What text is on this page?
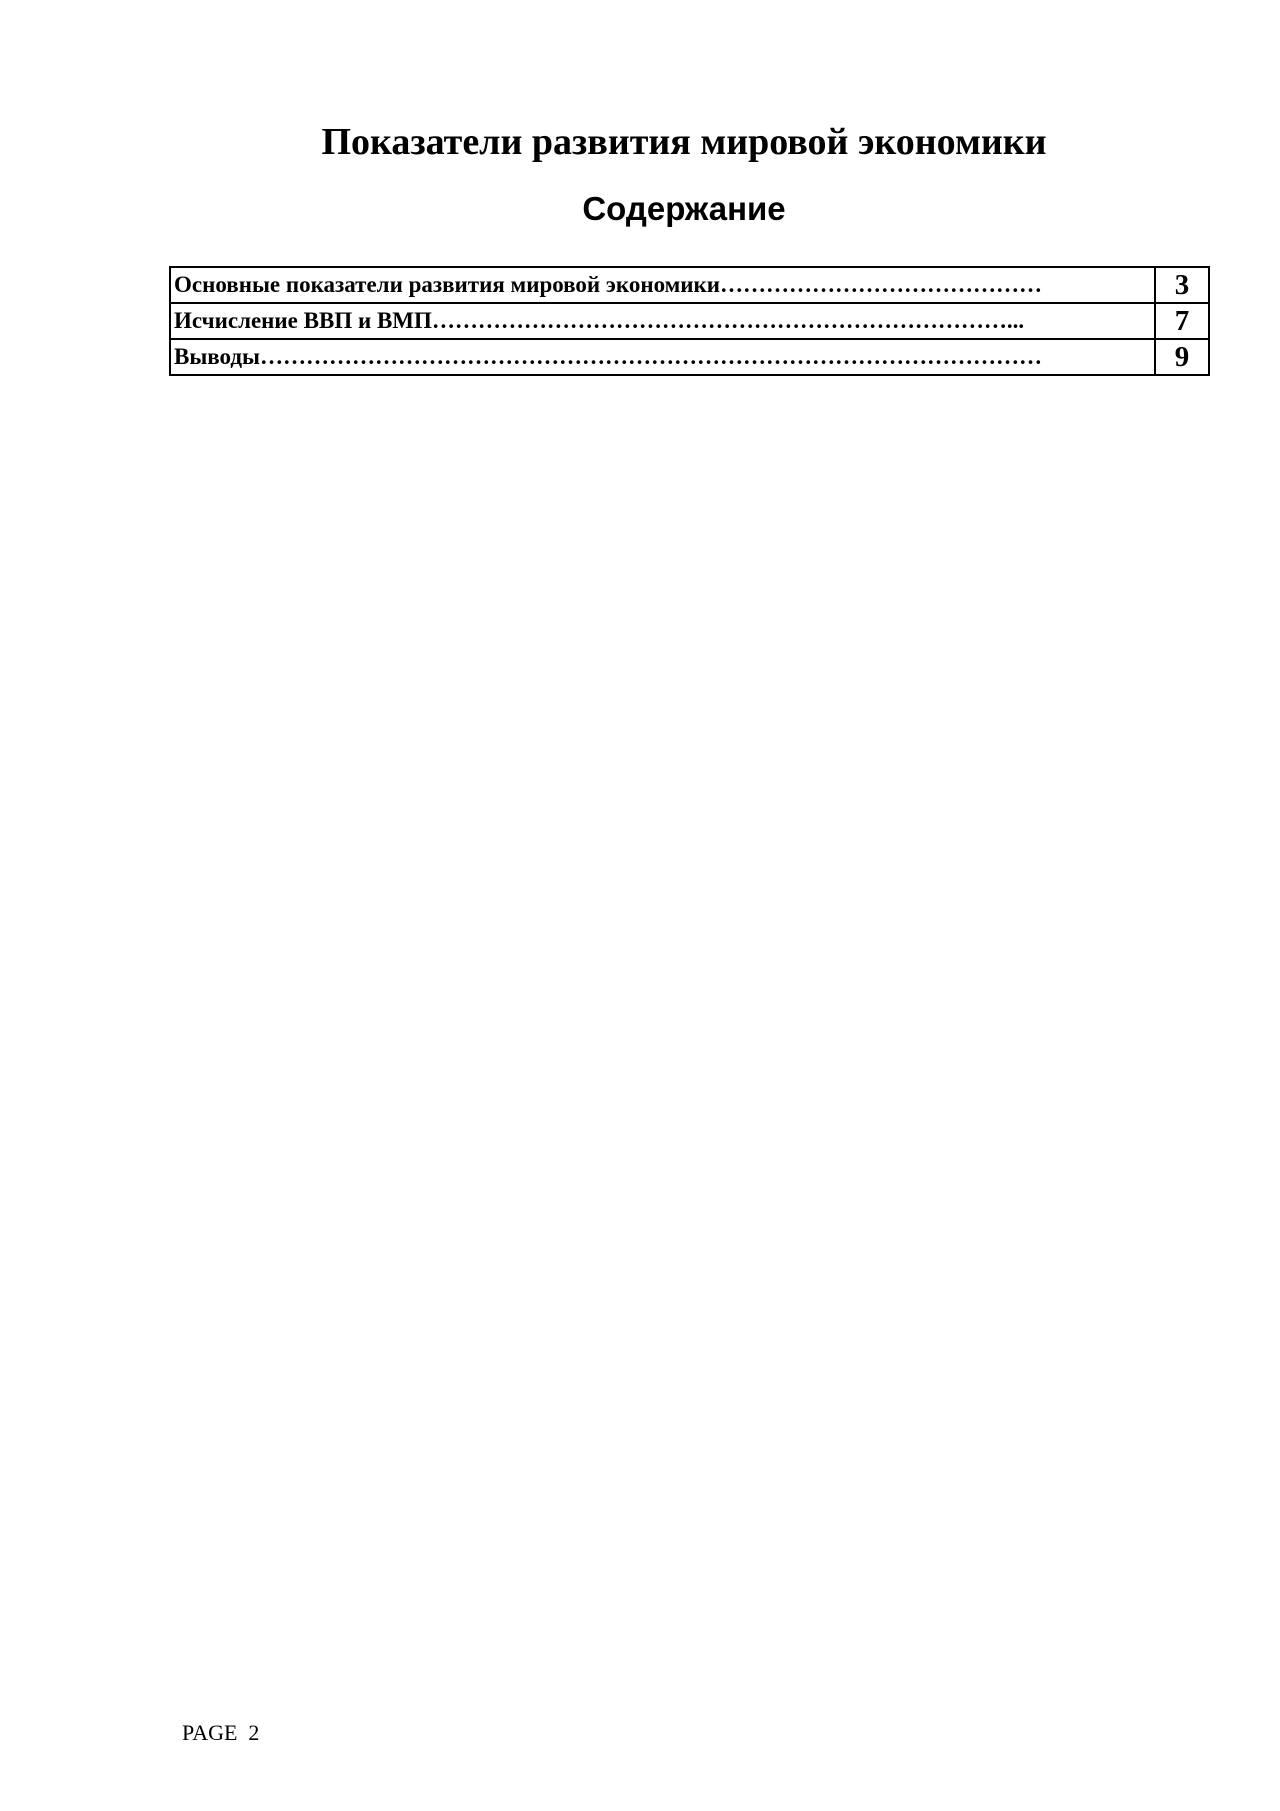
Показатели развития мировой экономики
Содержание
Основные показатели развития мировой экономики……………………………………	3
Исчисление ВВП и ВМП…………………………………………………………………...	7
Выводы…………………………………………………………………………………………	9
PAGE  2
